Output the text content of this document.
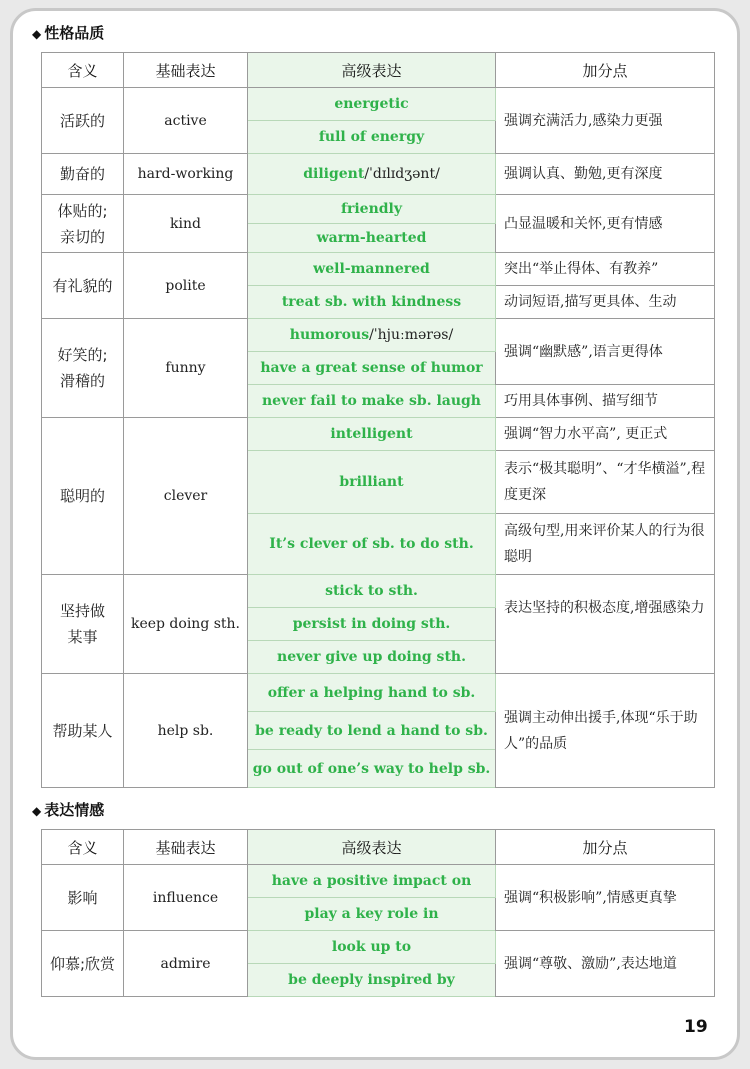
◆ 性格品质
含义	基础表达	高级表达	加分点
活跃的	active	energetic	强调充满活力,感染力更强
		full of energy	
勤奋的	hard-working	diligent/ˈdɪlɪdʒənt/	强调认真、勤勉,更有深度
体贴的;
亲切的	kind	friendly	凸显温暖和关怀,更有情感
		warm-hearted	
有礼貌的	polite	well-mannered	突出“举止得体、有教养”
		treat sb. with kindness	动词短语,描写更具体、生动
好笑的;
滑稽的	funny	humorous/ˈhjuːmərəs/	强调“幽默感”,语言更得体
		have a great sense of humor	
		never fail to make sb. laugh	巧用具体事例、描写细节
聪明的	clever	intelligent	强调“智力水平高”, 更正式
		brilliant	表示“极其聪明”、“才华横溢”,程度更深
		It’s clever of sb. to do sth.	高级句型,用来评价某人的行为很聪明
坚持做
某事	keep doing sth.	stick to sth.	表达坚持的积极态度,增强感染力
		persist in doing sth.	
		never give up doing sth.	
帮助某人	help sb.	offer a helping hand to sb.	强调主动伸出援手,体现“乐于助人”的品质
		be ready to lend a hand to sb.	
		go out of one’s way to help sb.	
◆ 表达情感
含义	基础表达	高级表达	加分点
影响	influence	have a positive impact on	强调“积极影响”,情感更真挚
		play a key role in	
仰慕;欣赏	admire	look up to	强调“尊敬、激励”,表达地道
		be deeply inspired by	
19
